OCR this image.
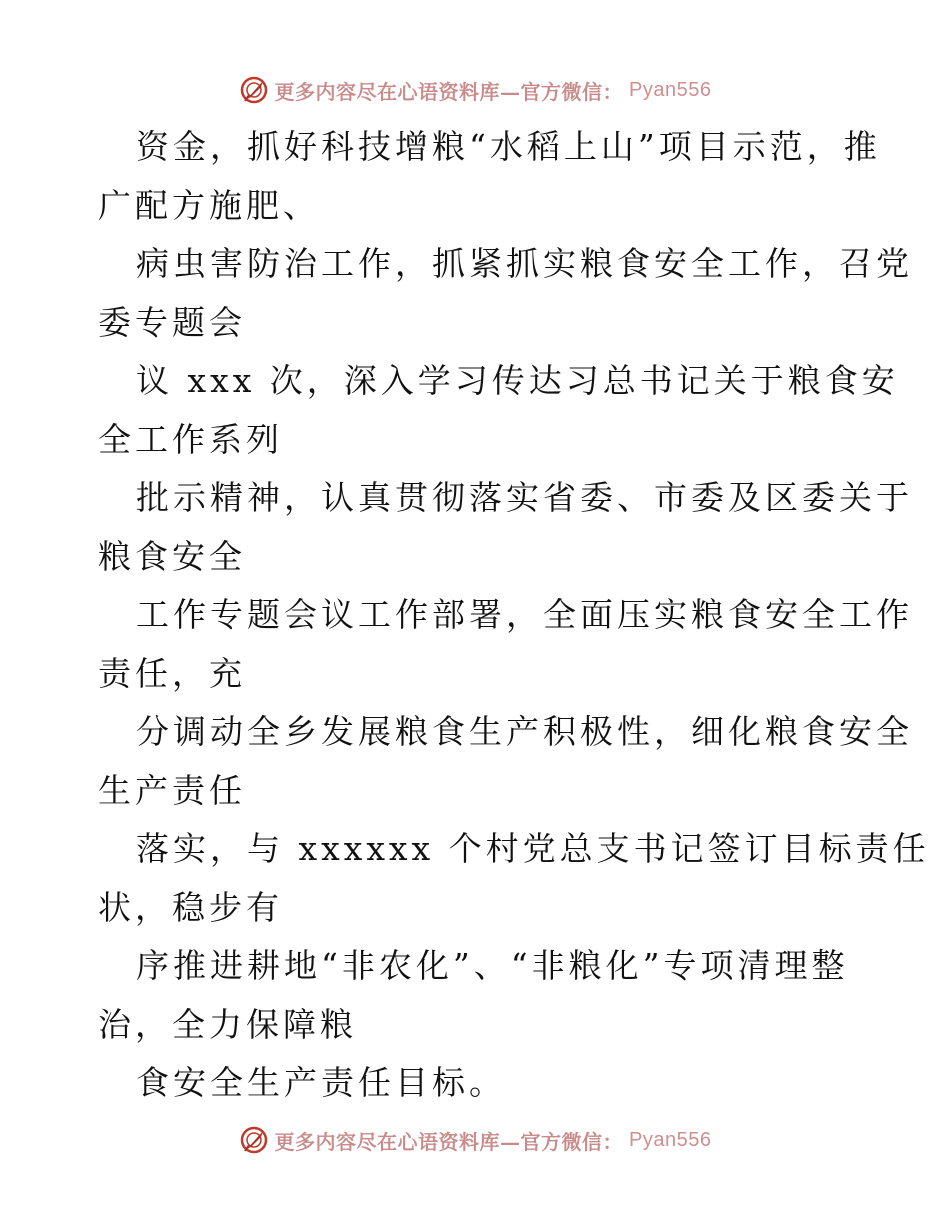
更多内容尽在心语资料库—官方微信： Pyan556

资金，抓好科技增粮“水稻上山”项目示范，推
广配方施肥、

病虫害防治工作，抓紧抓实粮食安全工作，召党
委专题会

议 xxx 次，深入学习传达习总书记关于粮食安
全工作系列

批示精神，认真贯彻落实省委、市委及区委关于
粮食安全

工作专题会议工作部署，全面压实粮食安全工作
责任，充

分调动全乡发展粮食生产积极性，细化粮食安全
生产责任

落实，与 xxxxxx 个村党总支书记签订目标责任
状，稳步有

序推进耕地“非农化”、“非粮化”专项清理整
治，全力保障粮

食安全生产责任目标。

更多内容尽在心语资料库—官方微信： Pyan556
